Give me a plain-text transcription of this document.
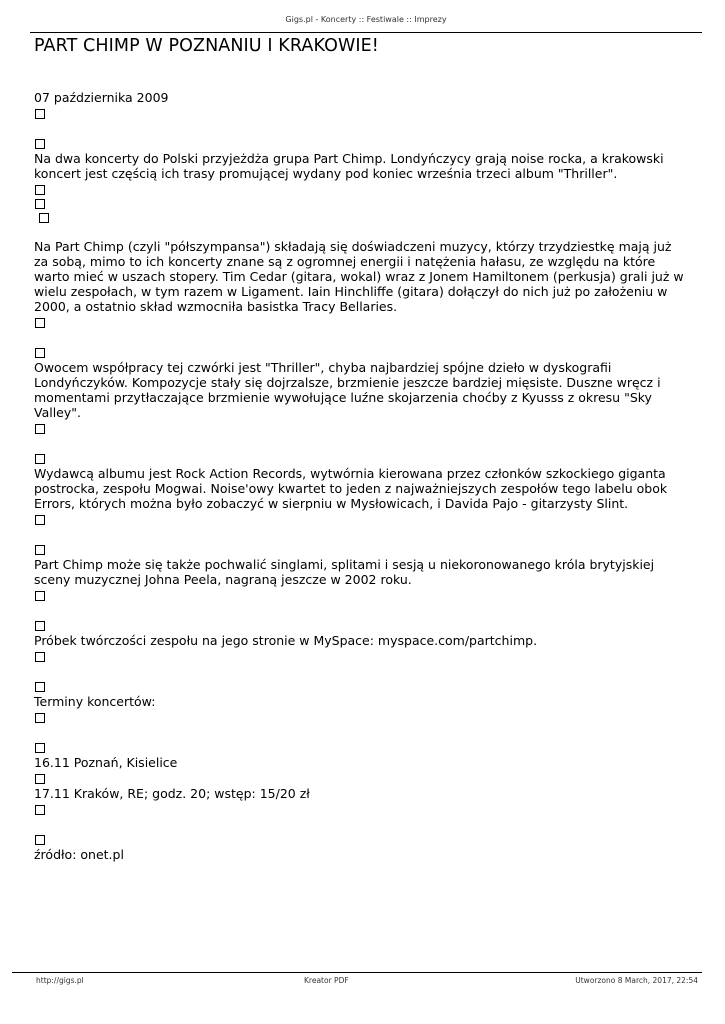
Gigs.pl - Koncerty :: Festiwale :: Imprezy
PART CHIMP W POZNANIU I KRAKOWIE!
07 października 2009
Na dwa koncerty do Polski przyjeżdża grupa Part Chimp. Londyńczycy grają noise rocka, a krakowski koncert jest częścią ich trasy promującej wydany pod koniec września trzeci album "Thriller".
Na Part Chimp (czyli "półszympansa") składają się doświadczeni muzycy, którzy trzydziestkę mają już za sobą, mimo to ich koncerty znane są z ogromnej energii i natężenia hałasu, ze względu na które warto mieć w uszach stopery. Tim Cedar (gitara, wokal) wraz z Jonem Hamiltonem (perkusja) grali już w wielu zespołach, w tym razem w Ligament. Iain Hinchliffe (gitara) dołączył do nich już po założeniu w 2000, a ostatnio skład wzmocniła basistka Tracy Bellaries.
Owocem współpracy tej czwórki jest "Thriller", chyba najbardziej spójne dzieło w dyskografii Londyńczyków. Kompozycje stały się dojrzalsze, brzmienie jeszcze bardziej mięsiste. Duszne wręcz i momentami przytłaczające brzmienie wywołujące luźne skojarzenia choćby z Kyusss z okresu "Sky Valley".
Wydawcą albumu jest Rock Action Records, wytwórnia kierowana przez członków szkockiego giganta postrocka, zespołu Mogwai. Noise'owy kwartet to jeden z najważniejszych zespołów tego labelu obok Errors, których można było zobaczyć w sierpniu w Mysłowicach, i Davida Pajo - gitarzysty Slint.
Part Chimp może się także pochwalić singlami, splitami i sesją u niekoronowanego króla brytyjskiej sceny muzycznej Johna Peela, nagraną jeszcze w 2002 roku.
Próbek twórczości zespołu na jego stronie w MySpace: myspace.com/partchimp.
Terminy koncertów:
16.11 Poznań, Kisielice
17.11 Kraków, RE; godz. 20; wstęp: 15/20 zł
źródło: onet.pl
http://gigs.pl	Kreator PDF	Utworzono 8 March, 2017, 22:54
